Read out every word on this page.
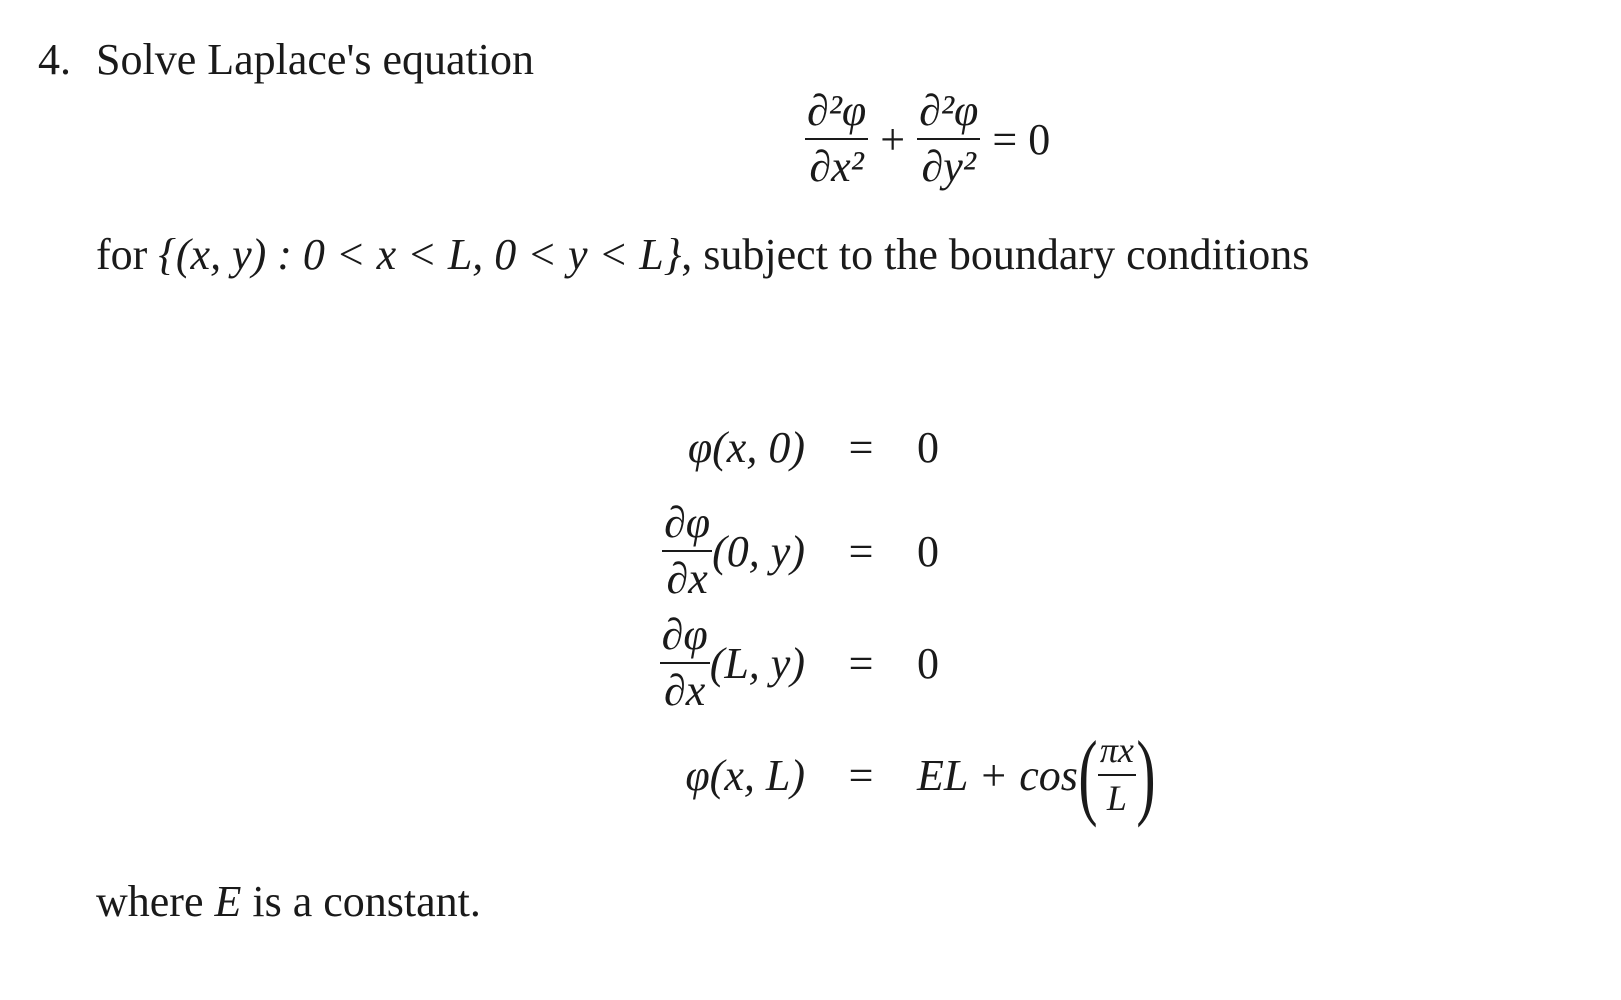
4. Solve Laplace's equation
$\frac{\text{∂²φ}}{\text{∂x²}} + \frac{\text{∂²φ}}{\text{∂y²}} = 0$
for {(x, y) : 0 < x < L, 0 < y < L}, subject to the boundary conditions
φ(x, 0) = 0
$\frac{\partial\varphi}{\partial x} (0$, y) = 0
$\frac{\partial\varphi}{\partial x} (L$, y) = 0
φ(x, L) = EL + cos ( $\frac{\pi x}{L}$ )
where E is a constant.
